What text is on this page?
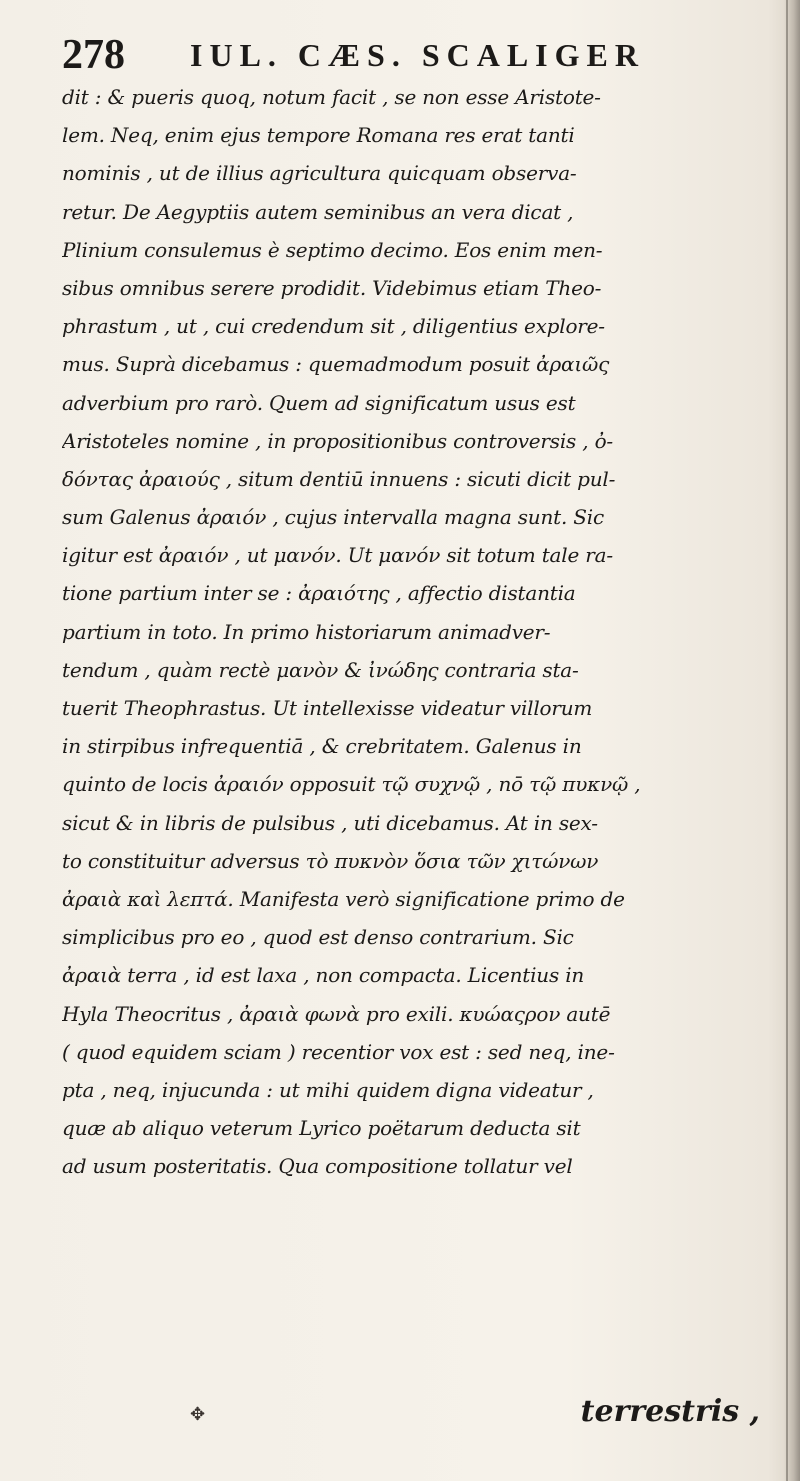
278 IUL. CÆS. SCALIGER
dit : & pueris quoq, notum facit , se non esse Aristote-
lem. Neq, enim ejus tempore Romana res erat tanti
nominis , ut de illius agricultura quicquam observa-
retur. De Aegyptiis autem seminibus an vera dicat ,
Plinium consulemus è septimo decimo. Eos enim men-
sibus omnibus serere prodidit. Videbimus etiam Theo-
phrastum , ut , cui credendum sit , diligentius explore-
mus. Suprà dicebamus : quemadmodum posuit ἀραιῶς
adverbium pro rarò. Quem ad significatum usus est
Aristoteles nomine , in propositionibus controversis , ὀ-
δόντας ἀραιούς , situm dentiū innuens : sicuti dicit pul-
sum Galenus ἀραιόν , cujus intervalla magna sunt. Sic
igitur est ἀραιόν , ut μανόν. Ut μανόν sit totum tale ra-
tione partium inter se : ἀραιότης , affectio distantia
partium in toto. In primo historiarum animadver-
tendum , quàm rectè μανὸν & ἰνώδης contraria sta-
tuerit Theophrastus. Ut intellexisse videatur villorum
in stirpibus infrequentiā , & crebritatem. Galenus in
quinto de locis ἀραιόν opposuit τῷ συχνῷ , nō τῷ πυκνῷ ,
sicut & in libris de pulsibus , uti dicebamus. At in sex-
to constituitur adversus τὸ πυκνὸν ὅσια τῶν χιτώνων
ἀραιὰ καὶ λεπτά. Manifesta verò significatione primo de
simplicibus pro eo , quod est denso contrarium. Sic
ἀραιὰ terra , id est laxa , non compacta. Licentius in
Hyla Theocritus , ἀραιὰ φωνὰ pro exili. κυώαςρον autē
( quod equidem sciam ) recentior vox est : sed neq, ine-
pta , neq, injucunda : ut mihi quidem digna videatur ,
quæ ab aliquo veterum Lyrico poëtarum deducta sit
ad usum posteritatis. Qua compositione tollatur vel
✥	terrestris ,
